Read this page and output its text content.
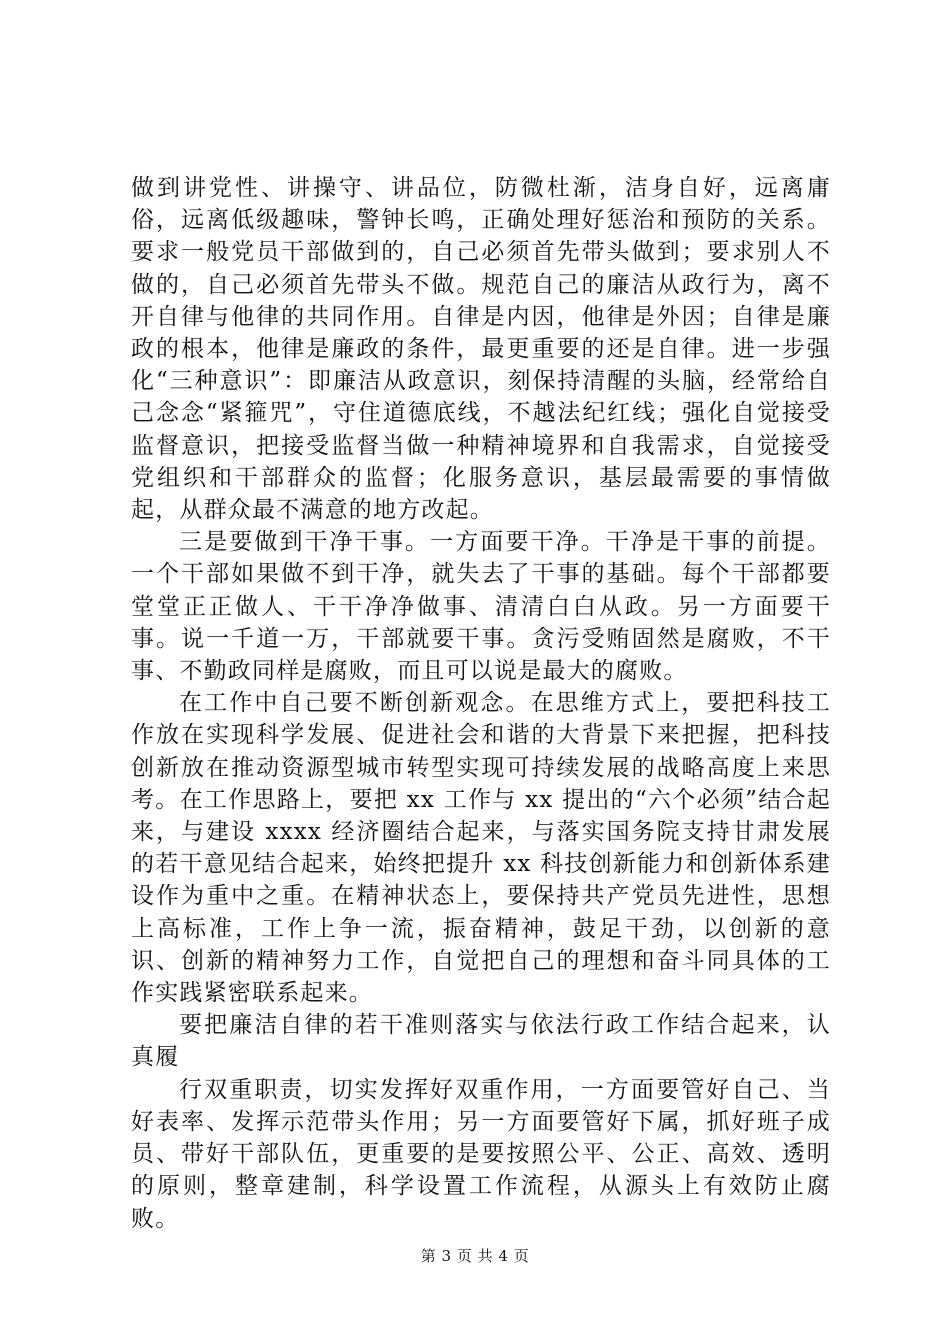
做到讲党性、讲操守、讲品位，防微杜渐，洁身自好，远离庸俗，远离低级趣味，警钟长鸣，正确处理好惩治和预防的关系。要求一般党员干部做到的，自己必须首先带头做到；要求别人不做的，自己必须首先带头不做。规范自己的廉洁从政行为，离不开自律与他律的共同作用。自律是内因，他律是外因；自律是廉政的根本，他律是廉政的条件，最更重要的还是自律。进一步强化“三种意识”：即廉洁从政意识，刻保持清醒的头脑，经常给自己念念“紧箍咒”，守住道德底线，不越法纪红线；强化自觉接受监督意识，把接受监督当做一种精神境界和自我需求，自觉接受党组织和干部群众的监督；化服务意识，基层最需要的事情做起，从群众最不满意的地方改起。

三是要做到干净干事。一方面要干净。干净是干事的前提。一个干部如果做不到干净，就失去了干事的基础。每个干部都要堂堂正正做人、干干净净做事、清清白白从政。另一方面要干事。说一千道一万，干部就要干事。贪污受贿固然是腐败，不干事、不勤政同样是腐败，而且可以说是最大的腐败。

在工作中自己要不断创新观念。在思维方式上，要把科技工作放在实现科学发展、促进社会和谐的大背景下来把握，把科技创新放在推动资源型城市转型实现可持续发展的战略高度上来思考。在工作思路上，要把 xx 工作与 xx 提出的“六个必须”结合起来，与建设 xxxx 经济圈结合起来，与落实国务院支持甘肃发展的若干意见结合起来，始终把提升 xx 科技创新能力和创新体系建设作为重中之重。在精神状态上，要保持共产党员先进性，思想上高标准，工作上争一流，振奋精神，鼓足干劲，以创新的意识、创新的精神努力工作，自觉把自己的理想和奋斗同具体的工作实践紧密联系起来。

要把廉洁自律的若干准则落实与依法行政工作结合起来，认真履

行双重职责，切实发挥好双重作用，一方面要管好自己、当好表率、发挥示范带头作用；另一方面要管好下属，抓好班子成员、带好干部队伍，更重要的是要按照公平、公正、高效、透明的原则，整章建制，科学设置工作流程，从源头上有效防止腐败。

第 3 页 共 4 页
